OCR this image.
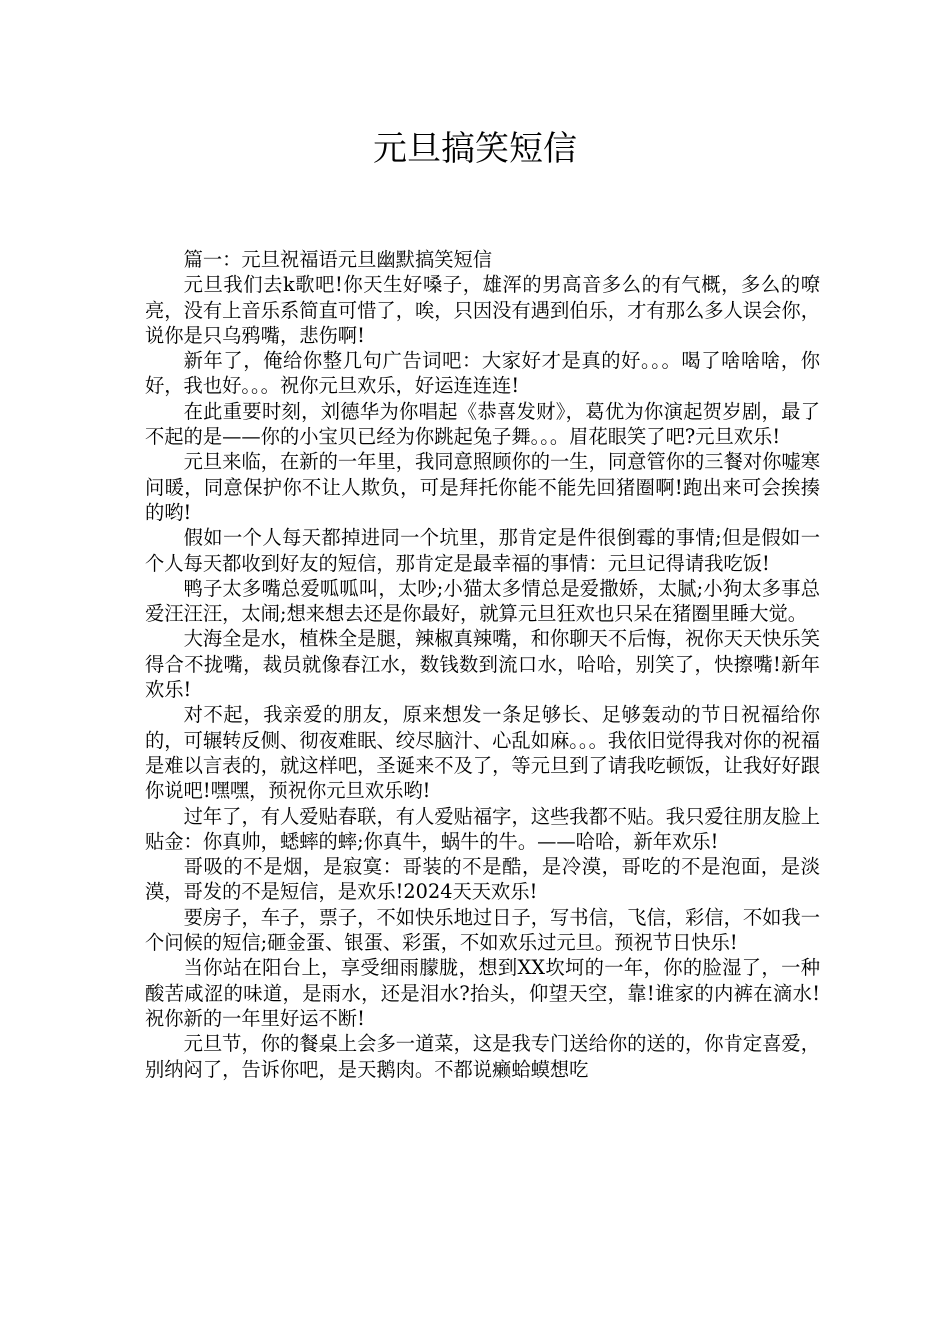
元旦搞笑短信

篇一：元旦祝福语元旦幽默搞笑短信

元旦我们去k歌吧!你天生好嗓子，雄浑的男高音多么的有气概，多么的嘹亮，没有上音乐系简直可惜了，唉，只因没有遇到伯乐，才有那么多人误会你，说你是只乌鸦嘴，悲伤啊!

新年了，俺给你整几句广告词吧：大家好才是真的好。。。喝了啥啥啥，你好，我也好。。。祝你元旦欢乐，好运连连连!

在此重要时刻，刘德华为你唱起《恭喜发财》，葛优为你演起贺岁剧，最了不起的是——你的小宝贝已经为你跳起兔子舞。。。眉花眼笑了吧?元旦欢乐!

元旦来临，在新的一年里，我同意照顾你的一生，同意管你的三餐对你嘘寒问暖，同意保护你不让人欺负，可是拜托你能不能先回猪圈啊!跑出来可会挨揍的哟!

假如一个人每天都掉进同一个坑里，那肯定是件很倒霉的事情;但是假如一个人每天都收到好友的短信，那肯定是最幸福的事情：元旦记得请我吃饭!

鸭子太多嘴总爱呱呱叫，太吵;小猫太多情总是爱撒娇，太腻;小狗太多事总爱汪汪汪，太闹;想来想去还是你最好，就算元旦狂欢也只呆在猪圈里睡大觉。

大海全是水，植株全是腿，辣椒真辣嘴，和你聊天不后悔，祝你天天快乐笑得合不拢嘴，裁员就像春江水，数钱数到流口水，哈哈，别笑了，快擦嘴!新年欢乐!

对不起，我亲爱的朋友，原来想发一条足够长、足够轰动的节日祝福给你的，可辗转反侧、彻夜难眠、绞尽脑汁、心乱如麻。。。我依旧觉得我对你的祝福是难以言表的，就这样吧，圣诞来不及了，等元旦到了请我吃顿饭，让我好好跟你说吧!嘿嘿，预祝你元旦欢乐哟!

过年了，有人爱贴春联，有人爱贴福字，这些我都不贴。我只爱往朋友脸上贴金：你真帅，蟋蟀的蟀;你真牛，蜗牛的牛。——哈哈，新年欢乐!

哥吸的不是烟，是寂寞：哥装的不是酷，是冷漠，哥吃的不是泡面，是淡漠，哥发的不是短信，是欢乐!2024天天欢乐!

要房子，车子，票子，不如快乐地过日子，写书信，飞信，彩信，不如我一个问候的短信;砸金蛋、银蛋、彩蛋，不如欢乐过元旦。预祝节日快乐!

当你站在阳台上，享受细雨朦胧，想到XX坎坷的一年，你的脸湿了，一种酸苦咸涩的味道，是雨水，还是泪水?抬头，仰望天空，靠!谁家的内裤在滴水!祝你新的一年里好运不断!

元旦节，你的餐桌上会多一道菜，这是我专门送给你的送的，你肯定喜爱，别纳闷了，告诉你吧，是天鹅肉。不都说癞蛤蟆想吃
